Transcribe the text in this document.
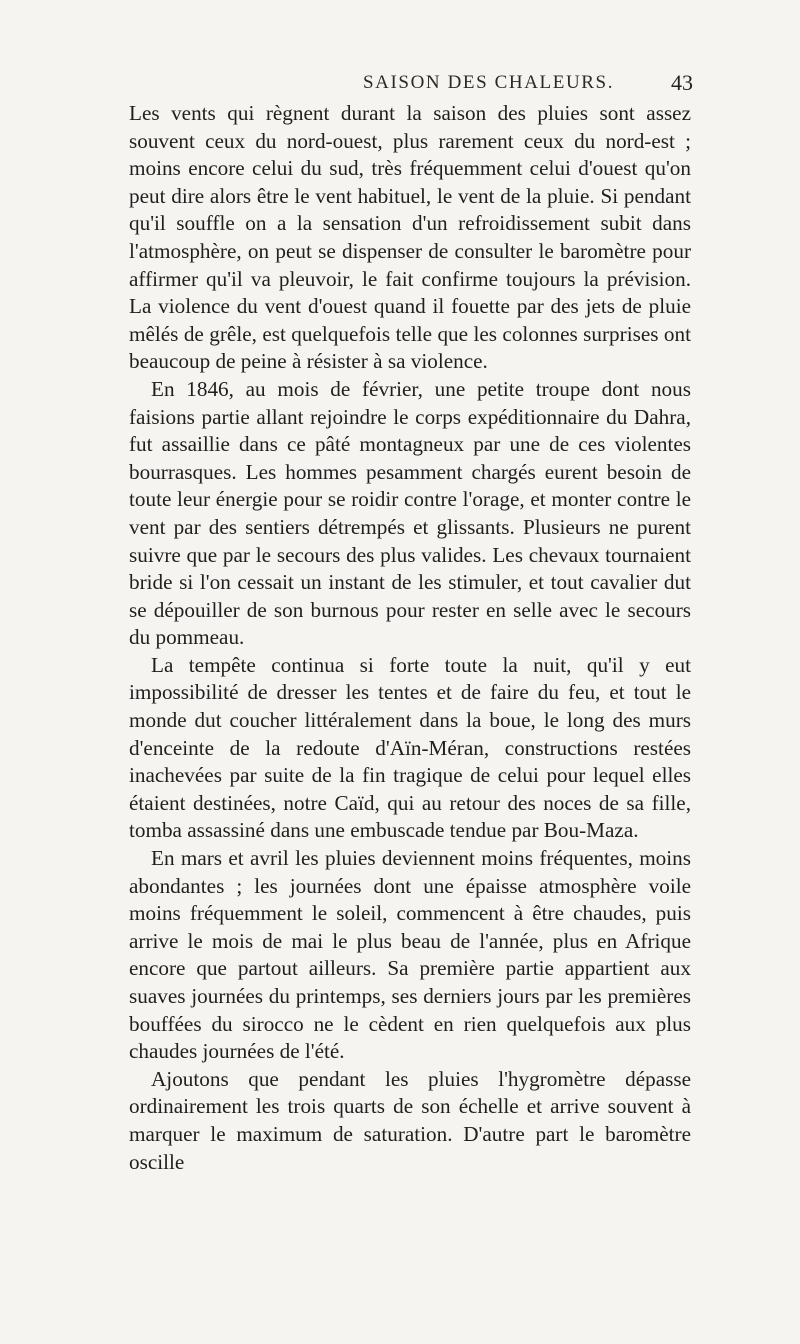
SAISON DES CHALEURS.	43

Les vents qui règnent durant la saison des pluies sont assez souvent ceux du nord-ouest, plus rarement ceux du nord-est ; moins encore celui du sud, très fréquemment celui d'ouest qu'on peut dire alors être le vent habituel, le vent de la pluie. Si pendant qu'il souffle on a la sensation d'un refroidissement subit dans l'atmosphère, on peut se dispenser de consulter le baromètre pour affirmer qu'il va pleuvoir, le fait confirme toujours la prévision. La violence du vent d'ouest quand il fouette par des jets de pluie mêlés de grêle, est quelquefois telle que les colonnes surprises ont beaucoup de peine à résister à sa violence.

En 1846, au mois de février, une petite troupe dont nous faisions partie allant rejoindre le corps expéditionnaire du Dahra, fut assaillie dans ce pâté montagneux par une de ces violentes bourrasques. Les hommes pesamment chargés eurent besoin de toute leur énergie pour se roidir contre l'orage, et monter contre le vent par des sentiers détrempés et glissants. Plusieurs ne purent suivre que par le secours des plus valides. Les chevaux tournaient bride si l'on cessait un instant de les stimuler, et tout cavalier dut se dépouiller de son burnous pour rester en selle avec le secours du pommeau.

La tempête continua si forte toute la nuit, qu'il y eut impossibilité de dresser les tentes et de faire du feu, et tout le monde dut coucher littéralement dans la boue, le long des murs d'enceinte de la redoute d'Aïn-Méran, constructions restées inachevées par suite de la fin tragique de celui pour lequel elles étaient destinées, notre Caïd, qui au retour des noces de sa fille, tomba assassiné dans une embuscade tendue par Bou-Maza.

En mars et avril les pluies deviennent moins fréquentes, moins abondantes ; les journées dont une épaisse atmosphère voile moins fréquemment le soleil, commencent à être chaudes, puis arrive le mois de mai le plus beau de l'année, plus en Afrique encore que partout ailleurs. Sa première partie appartient aux suaves journées du printemps, ses derniers jours par les premières bouffées du sirocco ne le cèdent en rien quelquefois aux plus chaudes journées de l'été.

Ajoutons que pendant les pluies l'hygromètre dépasse ordinairement les trois quarts de son échelle et arrive souvent à marquer le maximum de saturation. D'autre part le baromètre oscille
